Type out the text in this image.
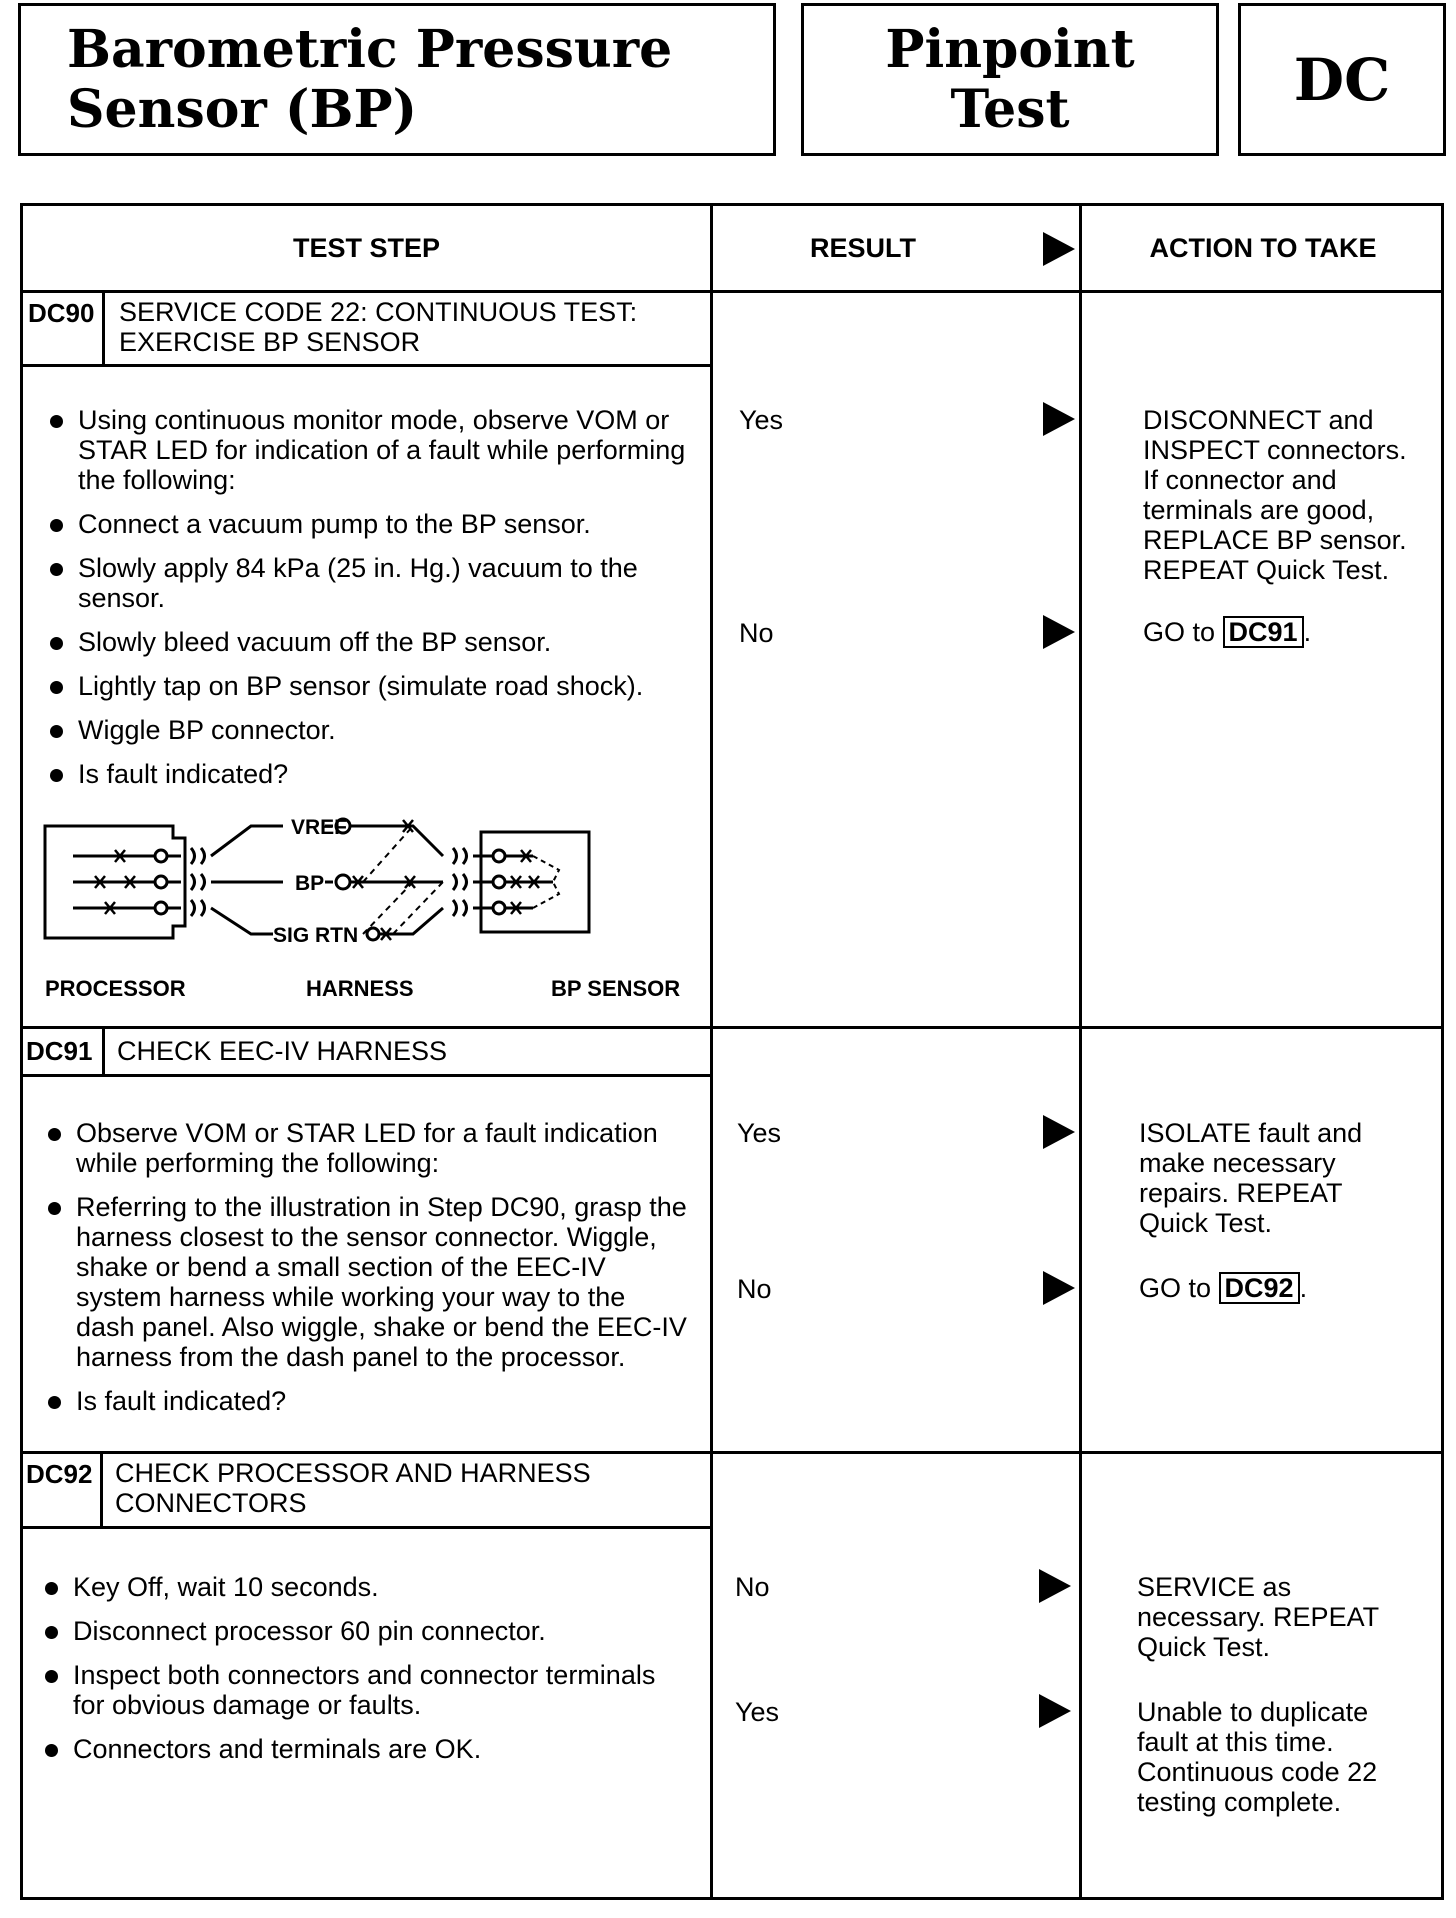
Barometric Pressure
Sensor (BP)
Pinpoint
Test	DC
TEST STEP	RESULT	ACTION TO TAKE
DC90 SERVICE CODE 22: CONTINUOUS TEST:
EXERCISE BP SENSOR
Using continuous monitor mode, observe VOM or STAR LED for indication of a fault while performing the following:
Connect a vacuum pump to the BP sensor.
Slowly apply 84 kPa (25 in. Hg.) vacuum to the sensor.
Slowly bleed vacuum off the BP sensor.
Lightly tap on BP sensor (simulate road shock).
Wiggle BP connector.
Is fault indicated?
VREF
BP
SIG RTN
PROCESSOR	HARNESS	BP SENSOR
Yes	DISCONNECT and
INSPECT connectors.
If connector and
terminals are good,
REPLACE BP sensor.
REPEAT Quick Test.
No	GO to DC91 .
DC91 CHECK EEC-IV HARNESS
Observe VOM or STAR LED for a fault indication while performing the following:
Referring to the illustration in Step DC90, grasp the harness closest to the sensor connector. Wiggle, shake or bend a small section of the EEC-IV system harness while working your way to the dash panel. Also wiggle, shake or bend the EEC-IV harness from the dash panel to the processor.
Is fault indicated?
Yes	ISOLATE fault and
make necessary
repairs. REPEAT
Quick Test.
No	GO to DC92 .
DC92 CHECK PROCESSOR AND HARNESS
CONNECTORS
Key Off, wait 10 seconds.
Disconnect processor 60 pin connector.
Inspect both connectors and connector terminals for obvious damage or faults.
Connectors and terminals are OK.
No	SERVICE as
necessary. REPEAT
Quick Test.
Yes	Unable to duplicate
fault at this time.
Continuous code 22
testing complete.
